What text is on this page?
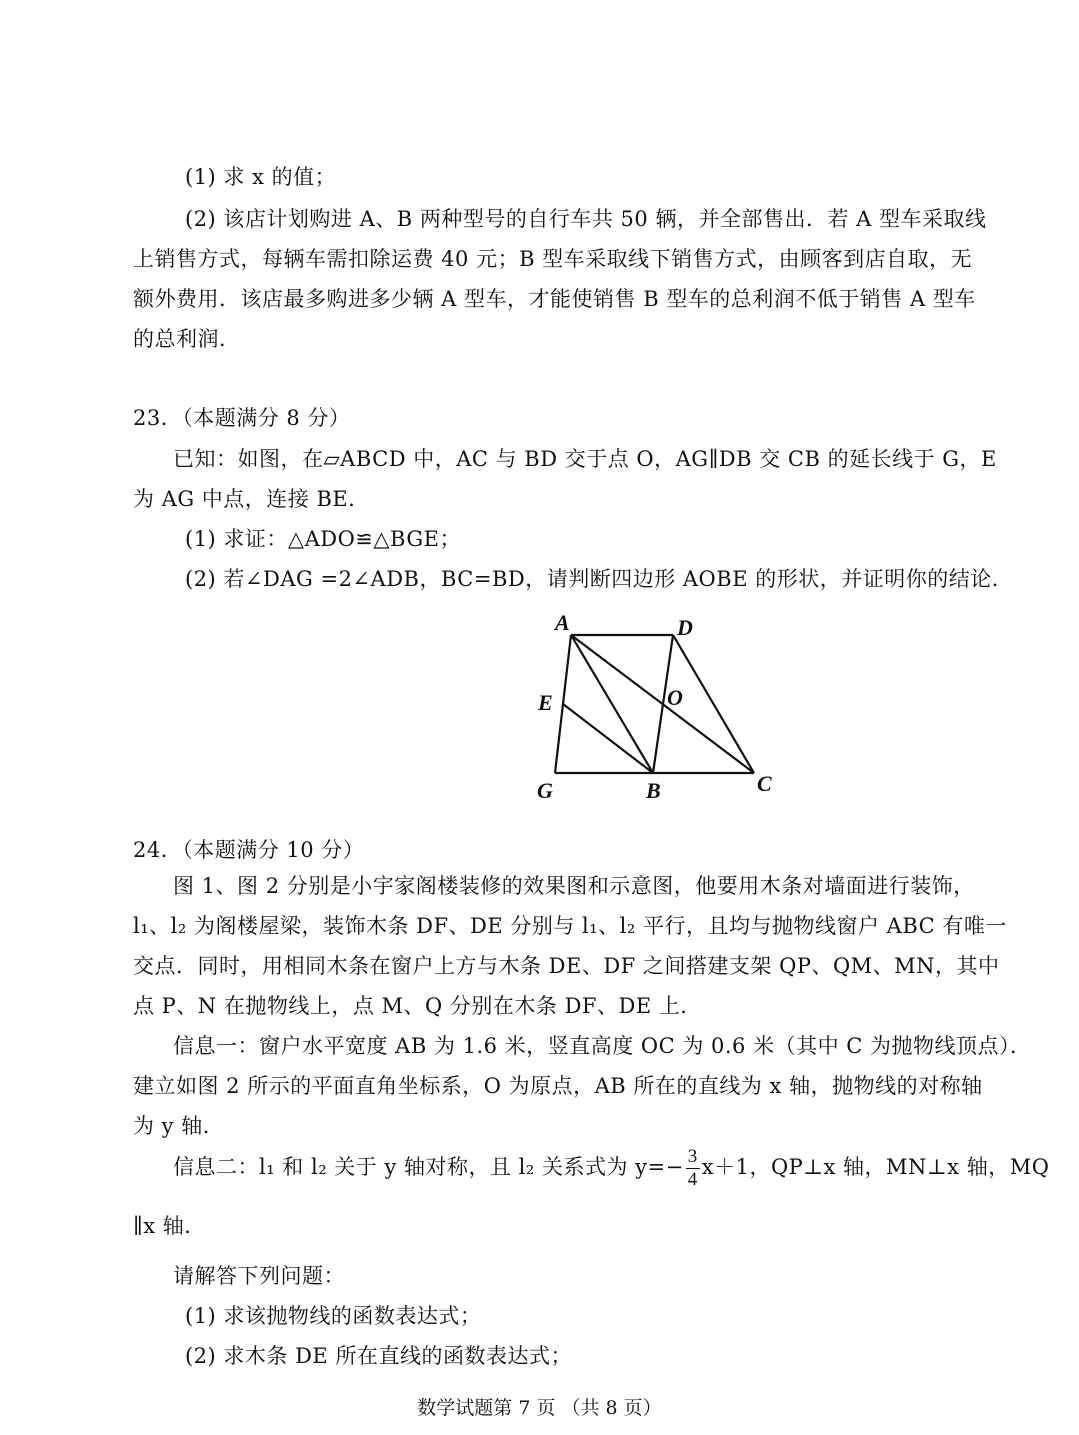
(1) 求 x 的值；
(2) 该店计划购进 A、B 两种型号的自行车共 50 辆，并全部售出．若 A 型车采取线
上销售方式，每辆车需扣除运费 40 元；B 型车采取线下销售方式，由顾客到店自取，无
额外费用．该店最多购进多少辆 A 型车，才能使销售 B 型车的总利润不低于销售 A 型车
的总利润．
23．（本题满分 8 分）
已知：如图，在▱ABCD 中，AC 与 BD 交于点 O，AG∥DB 交 CB 的延长线于 G，E
为 AG 中点，连接 BE．
(1) 求证：△ADO≌△BGE；
(2) 若∠DAG =2∠ADB，BC=BD，请判断四边形 AOBE 的形状，并证明你的结论．
A	D
E	O
G	B	C
24．（本题满分 10 分）
图 1、图 2 分别是小宇家阁楼装修的效果图和示意图，他要用木条对墙面进行装饰，
l₁、l₂ 为阁楼屋梁，装饰木条 DF、DE 分别与 l₁、l₂ 平行，且均与抛物线窗户 ABC 有唯一
交点．同时，用相同木条在窗户上方与木条 DE、DF 之间搭建支架 QP、QM、MN，其中
点 P、N 在抛物线上，点 M、Q 分别在木条 DF、DE 上．
信息一：窗户水平宽度 AB 为 1.6 米，竖直高度 OC 为 0.6 米（其中 C 为抛物线顶点）．
建立如图 2 所示的平面直角坐标系，O 为原点，AB 所在的直线为 x 轴，抛物线的对称轴
为 y 轴．
信息二：l₁ 和 l₂ 关于 y 轴对称，且 l₂ 关系式为 $y=- \frac{3}{4} x+1$，QP⊥x 轴，MN⊥x 轴，MQ
∥x 轴．
请解答下列问题：
(1) 求该抛物线的函数表达式；
(2) 求木条 DE 所在直线的函数表达式；
数学试题第 7 页 （共 8 页）
